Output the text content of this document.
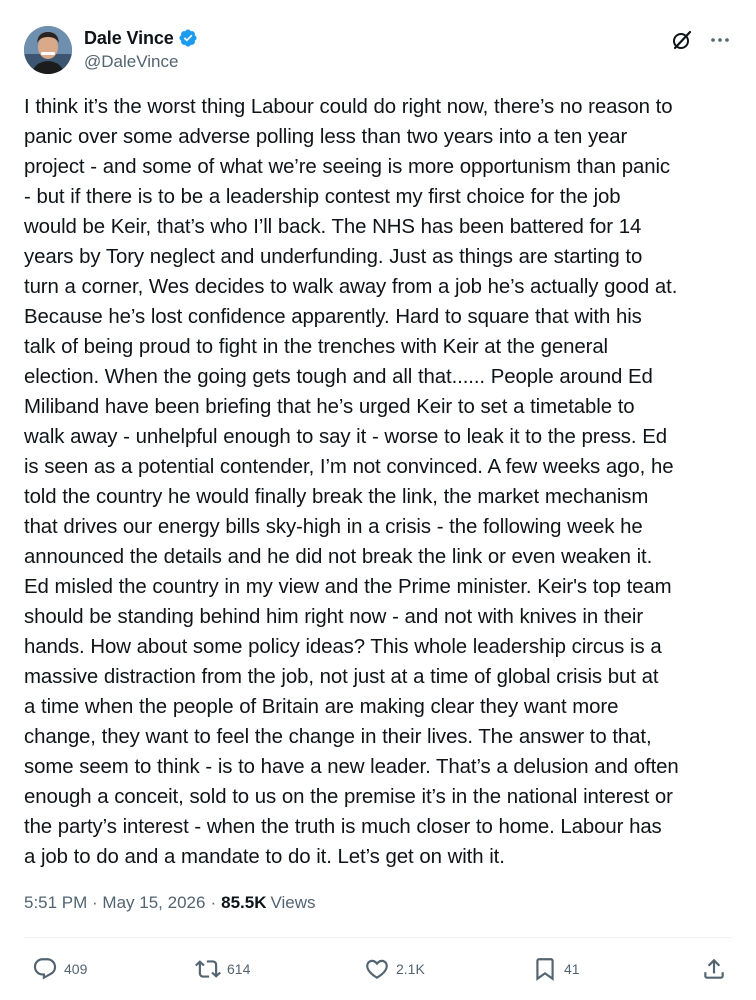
Dale Vince
@DaleVince
I think it’s the worst thing Labour could do right now, there’s no reason to
panic over some adverse polling less than two years into a ten year
project - and some of what we’re seeing is more opportunism than panic
- but if there is to be a leadership contest my first choice for the job
would be Keir, that’s who I’ll back. The NHS has been battered for 14
years by Tory neglect and underfunding. Just as things are starting to
turn a corner, Wes decides to walk away from a job he’s actually good at.
Because he’s lost confidence apparently. Hard to square that with his
talk of being proud to fight in the trenches with Keir at the general
election. When the going gets tough and all that...... People around Ed
Miliband have been briefing that he’s urged Keir to set a timetable to
walk away - unhelpful enough to say it - worse to leak it to the press. Ed
is seen as a potential contender, I’m not convinced. A few weeks ago, he
told the country he would finally break the link, the market mechanism
that drives our energy bills sky-high in a crisis - the following week he
announced the details and he did not break the link or even weaken it.
Ed misled the country in my view and the Prime minister. Keir's top team
should be standing behind him right now - and not with knives in their
hands. How about some policy ideas? This whole leadership circus is a
massive distraction from the job, not just at a time of global crisis but at
a time when the people of Britain are making clear they want more
change, they want to feel the change in their lives. The answer to that,
some seem to think - is to have a new leader. That’s a delusion and often
enough a conceit, sold to us on the premise it’s in the national interest or
the party’s interest - when the truth is much closer to home. Labour has
a job to do and a mandate to do it. Let’s get on with it.
5:51 PM · May 15, 2026 · 85.5K Views
409	614	2.1K	41
